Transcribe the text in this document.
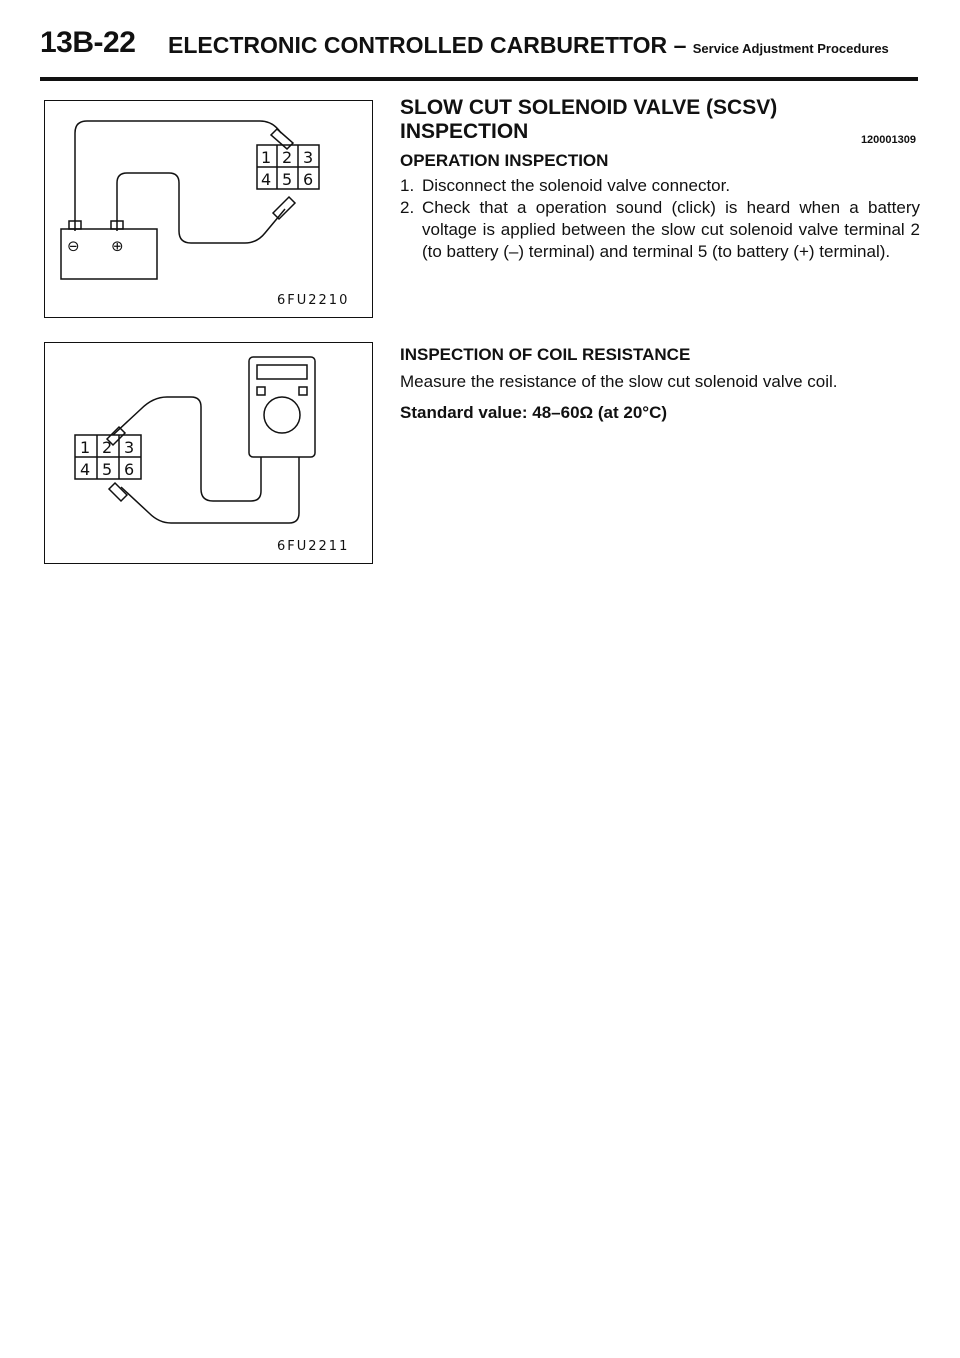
13B-22 ELECTRONIC CONTROLLED CARBURETTOR – Service Adjustment Procedures
1 2 3
4 5 6
⊖ ⊕
6FU2210
1 2 3
4 5 6
6FU2211
SLOW CUT SOLENOID VALVE (SCSV)
INSPECTION	120001309
OPERATION INSPECTION
1. Disconnect the solenoid valve connector.
2. Check that a operation sound (click) is heard when a battery voltage is applied between the slow cut solenoid valve terminal 2 (to battery (–) terminal) and terminal 5 (to battery (+) terminal).
INSPECTION OF COIL RESISTANCE
Measure the resistance of the slow cut solenoid valve coil.
Standard value: 48–60Ω (at 20°C)
